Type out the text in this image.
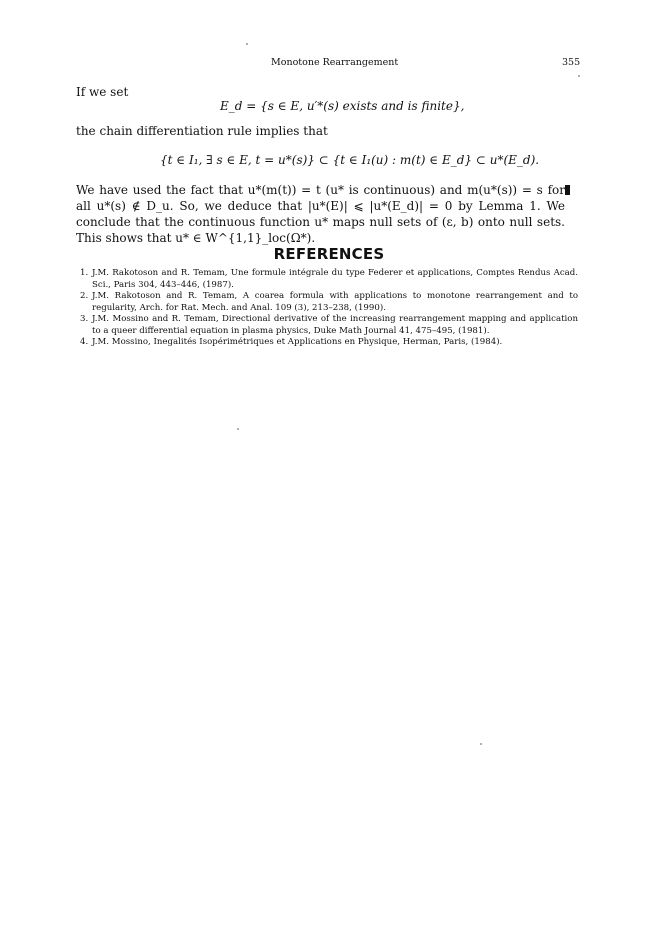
Monotone Rearrangement	355
If we set
E_d = {s ∈ E, u′*(s) exists and is finite},
the chain differentiation rule implies that
{t ∈ I₁, ∃ s ∈ E, t = u*(s)} ⊂ {t ∈ I₁(u) : m(t) ∈ E_d} ⊂ u*(E_d).
We have used the fact that u*(m(t)) = t (u* is continuous) and m(u*(s)) = s for all u*(s) ∉ D_u. So, we deduce that |u*(E)| ⩽ |u*(E_d)| = 0 by Lemma 1. We conclude that the continuous function u* maps null sets of (ε, b) onto null sets. This shows that u* ∈ W^{1,1}_loc(Ω*).
REFERENCES
1. J.M. Rakotoson and R. Temam, Une formule intégrale du type Federer et applications, Comptes Rendus Acad. Sci., Paris 304, 443–446, (1987).
2. J.M. Rakotoson and R. Temam, A coarea formula with applications to monotone rearrangement and to regularity, Arch. for Rat. Mech. and Anal. 109 (3), 213–238, (1990).
3. J.M. Mossino and R. Temam, Directional derivative of the increasing rearrangement mapping and application to a queer differential equation in plasma physics, Duke Math Journal 41, 475–495, (1981).
4. J.M. Mossino, Inegalités Isopérimétriques et Applications en Physique, Herman, Paris, (1984).
